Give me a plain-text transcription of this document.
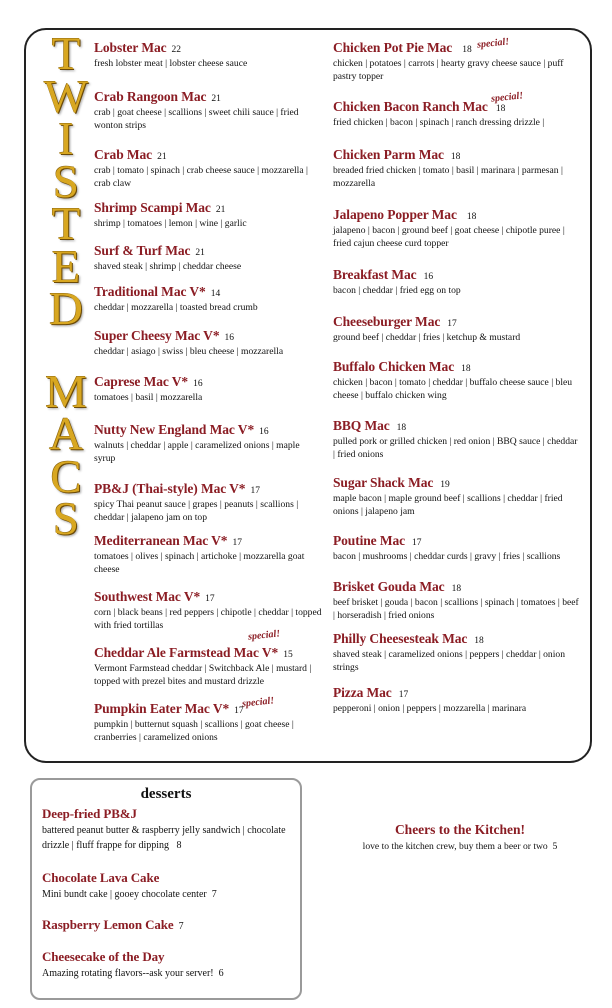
T
W
I
S
T
E
D
M
A
C
S
Lobster Mac 22
fresh lobster meat | lobster cheese sauce
Crab Rangoon Mac 21
crab | goat cheese | scallions | sweet chili sauce | fried wonton strips
Crab Mac 21
crab | tomato | spinach | crab cheese sauce | mozzarella | crab claw
Shrimp Scampi Mac 21
shrimp | tomatoes | lemon | wine | garlic
Surf & Turf Mac 21
shaved steak | shrimp | cheddar cheese
Traditional Mac V* 14
cheddar | mozzarella | toasted bread crumb
Super Cheesy Mac V* 16
cheddar | asiago | swiss | bleu cheese | mozzarella
Caprese Mac V* 16
tomatoes | basil | mozzarella
Nutty New England Mac V* 16
walnuts | cheddar | apple | caramelized onions | maple syrup
PB&J (Thai-style) Mac V* 17
spicy Thai peanut sauce | grapes | peanuts | scallions | cheddar | jalapeno jam on top
Mediterranean Mac V* 17
tomatoes | olives | spinach | artichoke | mozzarella goat cheese
Southwest Mac V* 17
corn | black beans | red peppers | chipotle | cheddar | topped with fried tortillas
special!
Cheddar Ale Farmstead Mac V* 15
Vermont Farmstead cheddar | Switchback Ale | mustard | topped with prezel bites and mustard drizzle
special!
Pumpkin Eater Mac V* 17
pumpkin | butternut squash | scallions | goat cheese | cranberries | caramelized onions
special!
Chicken Pot Pie Mac 18
chicken | potatoes | carrots | hearty gravy cheese sauce | puff pastry topper
special!
Chicken Bacon Ranch Mac 18
fried chicken | bacon | spinach | ranch dressing drizzle |
Chicken Parm Mac 18
breaded fried chicken | tomato | basil | marinara | parmesan | mozzarella
Jalapeno Popper Mac 18
jalapeno | bacon | ground beef | goat cheese | chipotle puree | fried cajun cheese curd topper
Breakfast Mac 16
bacon | cheddar | fried egg on top
Cheeseburger Mac 17
ground beef | cheddar | fries | ketchup & mustard
Buffalo Chicken Mac 18
chicken | bacon | tomato | cheddar | buffalo cheese sauce | bleu cheese | buffalo chicken wing
BBQ Mac 18
pulled pork or grilled chicken | red onion | BBQ sauce | cheddar | fried onions
Sugar Shack Mac 19
maple bacon | maple ground beef | scallions | cheddar | fried onions | jalapeno jam
Poutine Mac 17
bacon | mushrooms | cheddar curds | gravy | fries | scallions
Brisket Gouda Mac 18
beef brisket | gouda | bacon | scallions | spinach | tomatoes | beef | horseradish | fried onions
Philly Cheesesteak Mac 18
shaved steak | caramelized onions | peppers | cheddar | onion strings
Pizza Mac 17
pepperoni | onion | peppers | mozzarella | marinara
desserts
Deep-fried PB&J
battered peanut butter & raspberry jelly sandwich | chocolate drizzle | fluff frappe for dipping 8
Chocolate Lava Cake
Mini bundt cake | gooey chocolate center 7
Raspberry Lemon Cake 7
Cheesecake of the Day
Amazing rotating flavors--ask your server! 6
Cheers to the Kitchen!
love to the kitchen crew, buy them a beer or two 5
